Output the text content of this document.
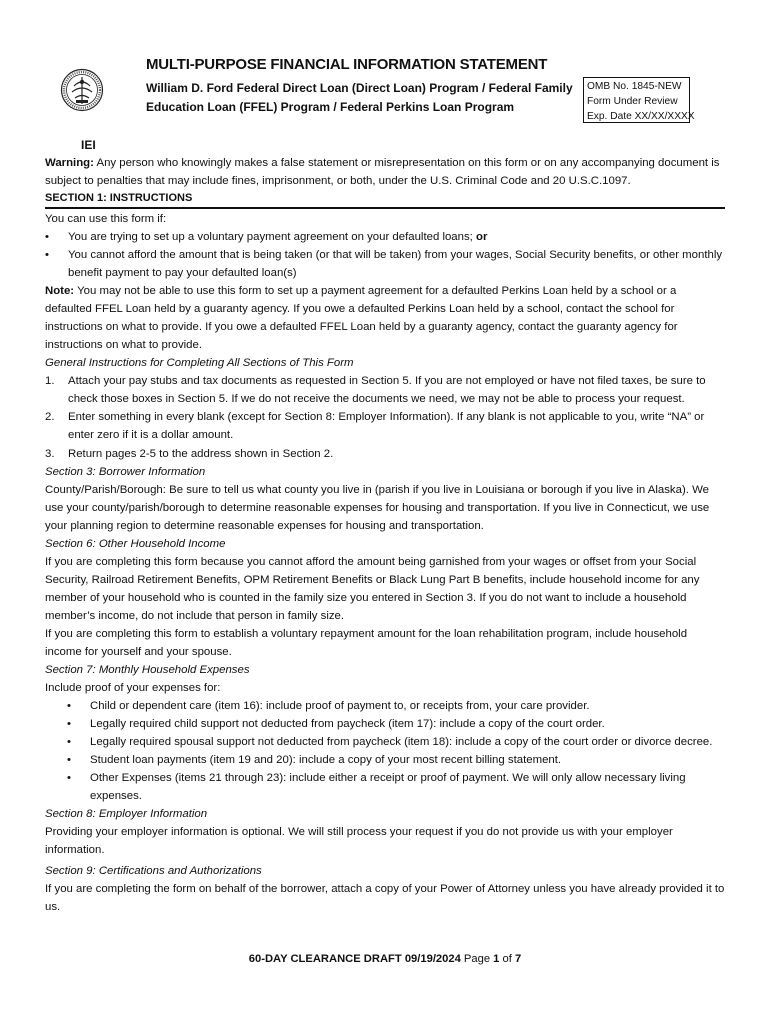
MULTI-PURPOSE FINANCIAL INFORMATION STATEMENT
William D. Ford Federal Direct Loan (Direct Loan) Program / Federal Family Education Loan (FFEL) Program / Federal Perkins Loan Program
OMB No. 1845-NEW
Form Under Review
Exp. Date XX/XX/XXXX
IEI

Warning: Any person who knowingly makes a false statement or misrepresentation on this form or on any accompanying document is subject to penalties that may include fines, imprisonment, or both, under the U.S. Criminal Code and 20 U.S.C.1097.

SECTION 1: INSTRUCTIONS

You can use this form if:

• You are trying to set up a voluntary payment agreement on your defaulted loans; or
• You cannot afford the amount that is being taken (or that will be taken) from your wages, Social Security benefits, or other monthly benefit payment to pay your defaulted loan(s)

Note: You may not be able to use this form to set up a payment agreement for a defaulted Perkins Loan held by a school or a defaulted FFEL Loan held by a guaranty agency. If you owe a defaulted Perkins Loan held by a school, contact the school for instructions on what to provide. If you owe a defaulted FFEL Loan held by a guaranty agency, contact the guaranty agency for instructions on what to provide.

General Instructions for Completing All Sections of This Form

1. Attach your pay stubs and tax documents as requested in Section 5. If you are not employed or have not filed taxes, be sure to check those boxes in Section 5. If we do not receive the documents we need, we may not be able to process your request.
2. Enter something in every blank (except for Section 8: Employer Information). If any blank is not applicable to you, write “NA” or enter zero if it is a dollar amount.
3. Return pages 2-5 to the address shown in Section 2.

Section 3: Borrower Information

County/Parish/Borough: Be sure to tell us what county you live in (parish if you live in Louisiana or borough if you live in Alaska). We use your county/parish/borough to determine reasonable expenses for housing and transportation. If you live in Connecticut, we use your planning region to determine reasonable expenses for housing and transportation.

Section 6: Other Household Income

If you are completing this form because you cannot afford the amount being garnished from your wages or offset from your Social Security, Railroad Retirement Benefits, OPM Retirement Benefits or Black Lung Part B benefits, include household income for any member of your household who is counted in the family size you entered in Section 3. If you do not want to include a household member’s income, do not include that person in family size.

If you are completing this form to establish a voluntary repayment amount for the loan rehabilitation program, include household income for yourself and your spouse.

Section 7: Monthly Household Expenses

Include proof of your expenses for:

• Child or dependent care (item 16): include proof of payment to, or receipts from, your care provider.
• Legally required child support not deducted from paycheck (item 17): include a copy of the court order.
• Legally required spousal support not deducted from paycheck (item 18): include a copy of the court order or divorce decree.
• Student loan payments (item 19 and 20): include a copy of your most recent billing statement.
• Other Expenses (items 21 through 23): include either a receipt or proof of payment. We will only allow necessary living expenses.

Section 8: Employer Information

Providing your employer information is optional. We will still process your request if you do not provide us with your employer information.

Section 9: Certifications and Authorizations

If you are completing the form on behalf of the borrower, attach a copy of your Power of Attorney unless you have already provided it to us.

60-DAY CLEARANCE DRAFT 09/19/2024 Page 1 of 7
